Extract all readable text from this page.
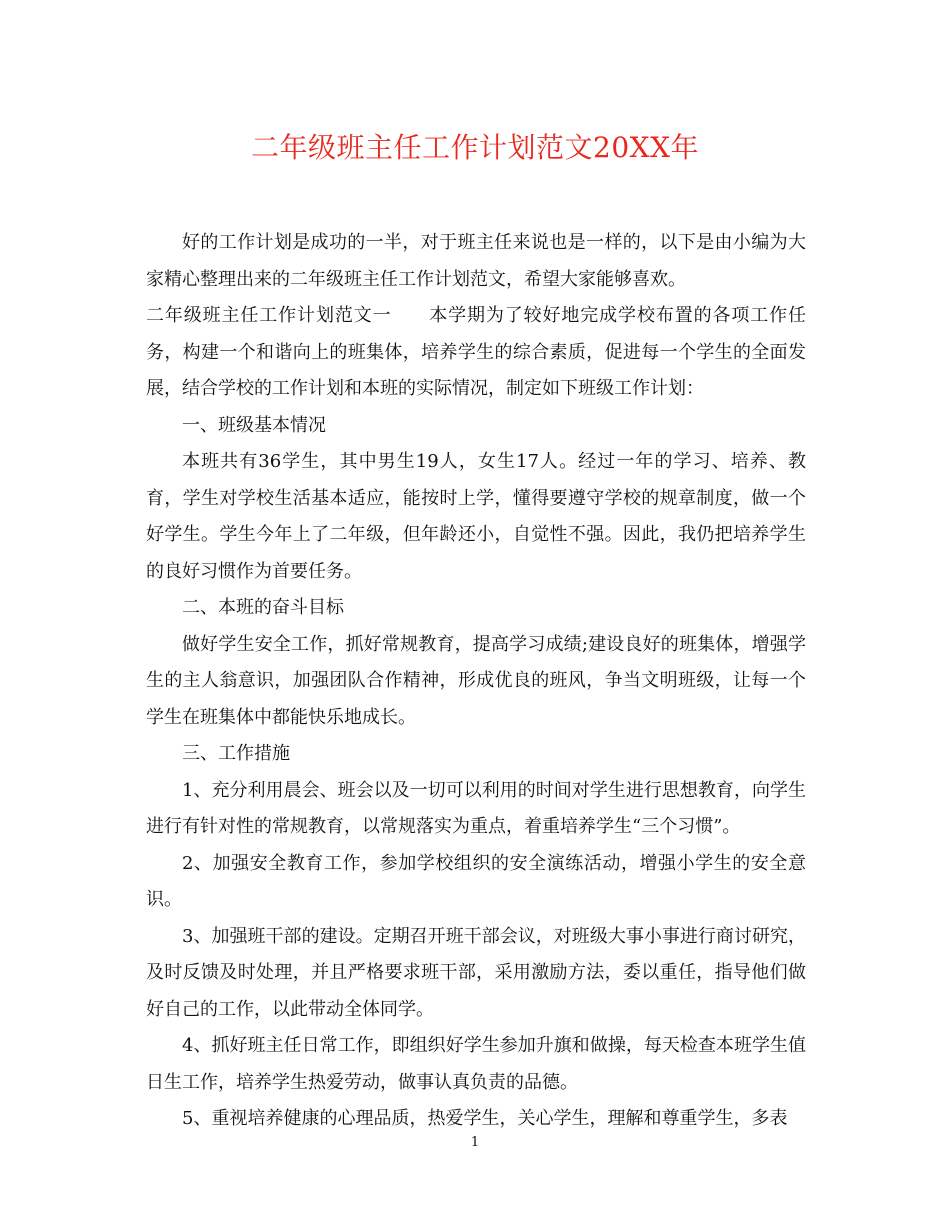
二年级班主任工作计划范文20XX年

好的工作计划是成功的一半，对于班主任来说也是一样的，以下是由小编为大家精心整理出来的二年级班主任工作计划范文，希望大家能够喜欢。

二年级班主任工作计划范文一　　本学期为了较好地完成学校布置的各项工作任务，构建一个和谐向上的班集体，培养学生的综合素质，促进每一个学生的全面发展，结合学校的工作计划和本班的实际情况，制定如下班级工作计划：

一、班级基本情况

本班共有36学生，其中男生19人，女生17人。经过一年的学习、培养、教育，学生对学校生活基本适应，能按时上学，懂得要遵守学校的规章制度，做一个好学生。学生今年上了二年级，但年龄还小，自觉性不强。因此，我仍把培养学生的良好习惯作为首要任务。

二、本班的奋斗目标

做好学生安全工作，抓好常规教育，提高学习成绩;建设良好的班集体，增强学生的主人翁意识，加强团队合作精神，形成优良的班风，争当文明班级，让每一个学生在班集体中都能快乐地成长。

三、工作措施

1、充分利用晨会、班会以及一切可以利用的时间对学生进行思想教育，向学生进行有针对性的常规教育，以常规落实为重点，着重培养学生“三个习惯”。

2、加强安全教育工作，参加学校组织的安全演练活动，增强小学生的安全意识。

3、加强班干部的建设。定期召开班干部会议，对班级大事小事进行商讨研究，及时反馈及时处理，并且严格要求班干部，采用激励方法，委以重任，指导他们做好自己的工作，以此带动全体同学。

4、抓好班主任日常工作，即组织好学生参加升旗和做操，每天检查本班学生值日生工作，培养学生热爱劳动，做事认真负责的品德。

5、重视培养健康的心理品质，热爱学生，关心学生，理解和尊重学生，多表

1
